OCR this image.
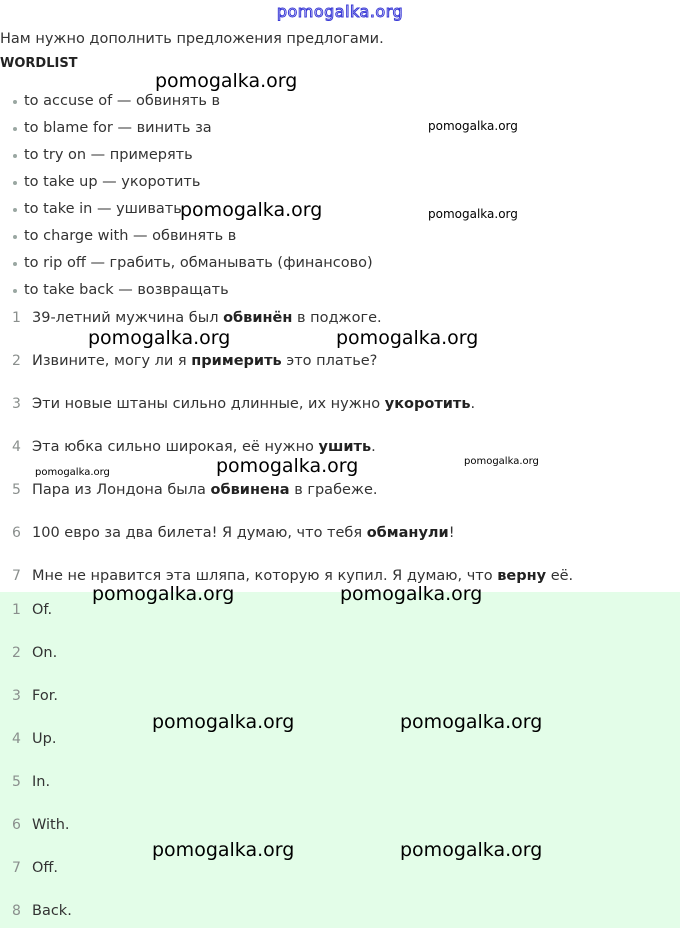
pomogalka.org
Нам нужно дополнить предложения предлогами.
WORDLIST
to accuse of — обвинять в
to blame for — винить за
to try on — примерять
to take up — укоротить
to take in — ушивать
to charge with — обвинять в
to rip off — грабить, обманывать (финансово)
to take back — возвращать
1 39-летний мужчина был обвинён в поджоге.
2 Извините, могу ли я примерить это платье?
3 Эти новые штаны сильно длинные, их нужно укоротить.
4 Эта юбка сильно широкая, её нужно ушить.
5 Пара из Лондона была обвинена в грабеже.
6 100 евро за два билета! Я думаю, что тебя обманули!
7 Мне не нравится эта шляпа, которую я купил. Я думаю, что верну её.
1 Of.
2 On.
3 For.
4 Up.
5 In.
6 With.
7 Off.
8 Back.
pomogalka.org
pomogalka.org
pomogalka.org	pomogalka.org
pomogalka.org	pomogalka.org
pomogalka.org	pomogalka.org	pomogalka.org
pomogalka.org	pomogalka.org
pomogalka.org	pomogalka.org
pomogalka.org	pomogalka.org
